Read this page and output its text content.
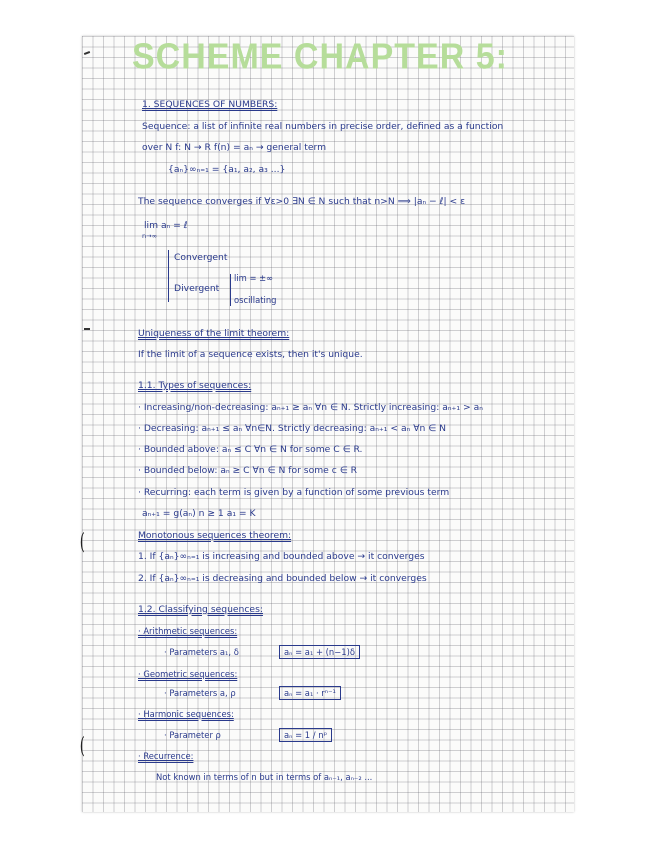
SCHEME CHAPTER 5:
1. SEQUENCES OF NUMBERS:
Sequence: a list of infinite real numbers in precise order, defined as a function
over N f: N → R f(n) = aₙ → general term
{aₙ}∞ₙ₌₁ = {a₁, a₂, a₃ ...}
The sequence converges if ∀ε>0 ∃N ∈ N such that n>N ⟹ |aₙ − ℓ| < ε
lim aₙ = ℓ
n→∞
Convergent
Divergent
lim = ±∞
oscillating
Uniqueness of the limit theorem:
If the limit of a sequence exists, then it's unique.
1.1. Types of sequences:
· Increasing/non-decreasing: aₙ₊₁ ≥ aₙ ∀n ∈ N. Strictly increasing: aₙ₊₁ > aₙ
· Decreasing: aₙ₊₁ ≤ aₙ ∀n∈N. Strictly decreasing: aₙ₊₁ < aₙ ∀n ∈ N
· Bounded above: aₙ ≤ C ∀n ∈ N for some C ∈ R.
· Bounded below: aₙ ≥ C ∀n ∈ N for some c ∈ R
· Recurring: each term is given by a function of some previous term
aₙ₊₁ = g(aₙ) n ≥ 1 a₁ = K
Monotonous sequences theorem:
1. If {aₙ}∞ₙ₌₁ is increasing and bounded above → it converges
2. If {aₙ}∞ₙ₌₁ is decreasing and bounded below → it converges
1.2. Classifying sequences:
· Arithmetic sequences:
· Parameters a₁, δ	aₙ = a₁ + (n−1)δ
· Geometric sequences:
· Parameters a, ρ	aₙ = a₁ · rⁿ⁻¹
· Harmonic sequences:
· Parameter ρ	aₙ = 1 / nᵖ
· Recurrence:
Not known in terms of n but in terms of aₙ₋₁, aₙ₋₂ ...
(
(
